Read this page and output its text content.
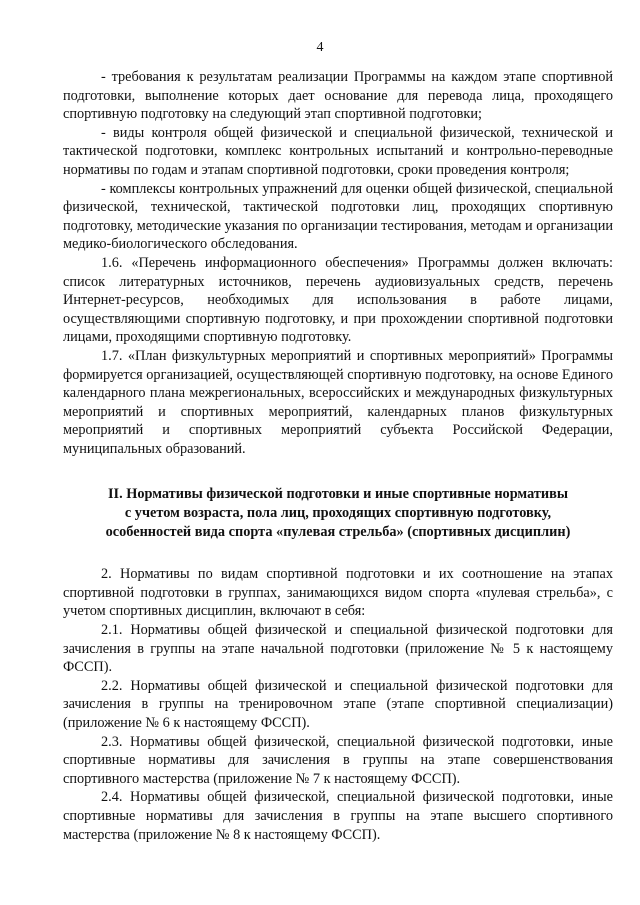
4

- требования к результатам реализации Программы на каждом этапе спортивной подготовки, выполнение которых дает основание для перевода лица, проходящего спортивную подготовку на следующий этап спортивной подготовки;

- виды контроля общей физической и специальной физической, технической и тактической подготовки, комплекс контрольных испытаний и контрольно-переводные нормативы по годам и этапам спортивной подготовки, сроки проведения контроля;

- комплексы контрольных упражнений для оценки общей физической, специальной физической, технической, тактической подготовки лиц, проходящих спортивную подготовку, методические указания по организации тестирования, методам и организации медико-биологического обследования.

1.6. «Перечень информационного обеспечения» Программы должен включать: список литературных источников, перечень аудиовизуальных средств, перечень Интернет-ресурсов, необходимых для использования в работе лицами, осуществляющими спортивную подготовку, и при прохождении спортивной подготовки лицами, проходящими спортивную подготовку.

1.7. «План физкультурных мероприятий и спортивных мероприятий» Программы формируется организацией, осуществляющей спортивную подготовку, на основе Единого календарного плана межрегиональных, всероссийских и международных физкультурных мероприятий и спортивных мероприятий, календарных планов физкультурных мероприятий и спортивных мероприятий субъекта Российской Федерации, муниципальных образований.

II. Нормативы физической подготовки и иные спортивные нормативы
с учетом возраста, пола лиц, проходящих спортивную подготовку,
особенностей вида спорта «пулевая стрельба» (спортивных дисциплин)

2. Нормативы по видам спортивной подготовки и их соотношение на этапах спортивной подготовки в группах, занимающихся видом спорта «пулевая стрельба», с учетом спортивных дисциплин, включают в себя:

2.1. Нормативы общей физической и специальной физической подготовки для зачисления в группы на этапе начальной подготовки (приложение № 5 к настоящему ФССП).

2.2. Нормативы общей физической и специальной физической подготовки для зачисления в группы на тренировочном этапе (этапе спортивной специализации) (приложение № 6 к настоящему ФССП).

2.3. Нормативы общей физической, специальной физической подготовки, иные спортивные нормативы для зачисления в группы на этапе совершенствования спортивного мастерства (приложение № 7 к настоящему ФССП).

2.4. Нормативы общей физической, специальной физической подготовки, иные спортивные нормативы для зачисления в группы на этапе высшего спортивного мастерства (приложение № 8 к настоящему ФССП).
